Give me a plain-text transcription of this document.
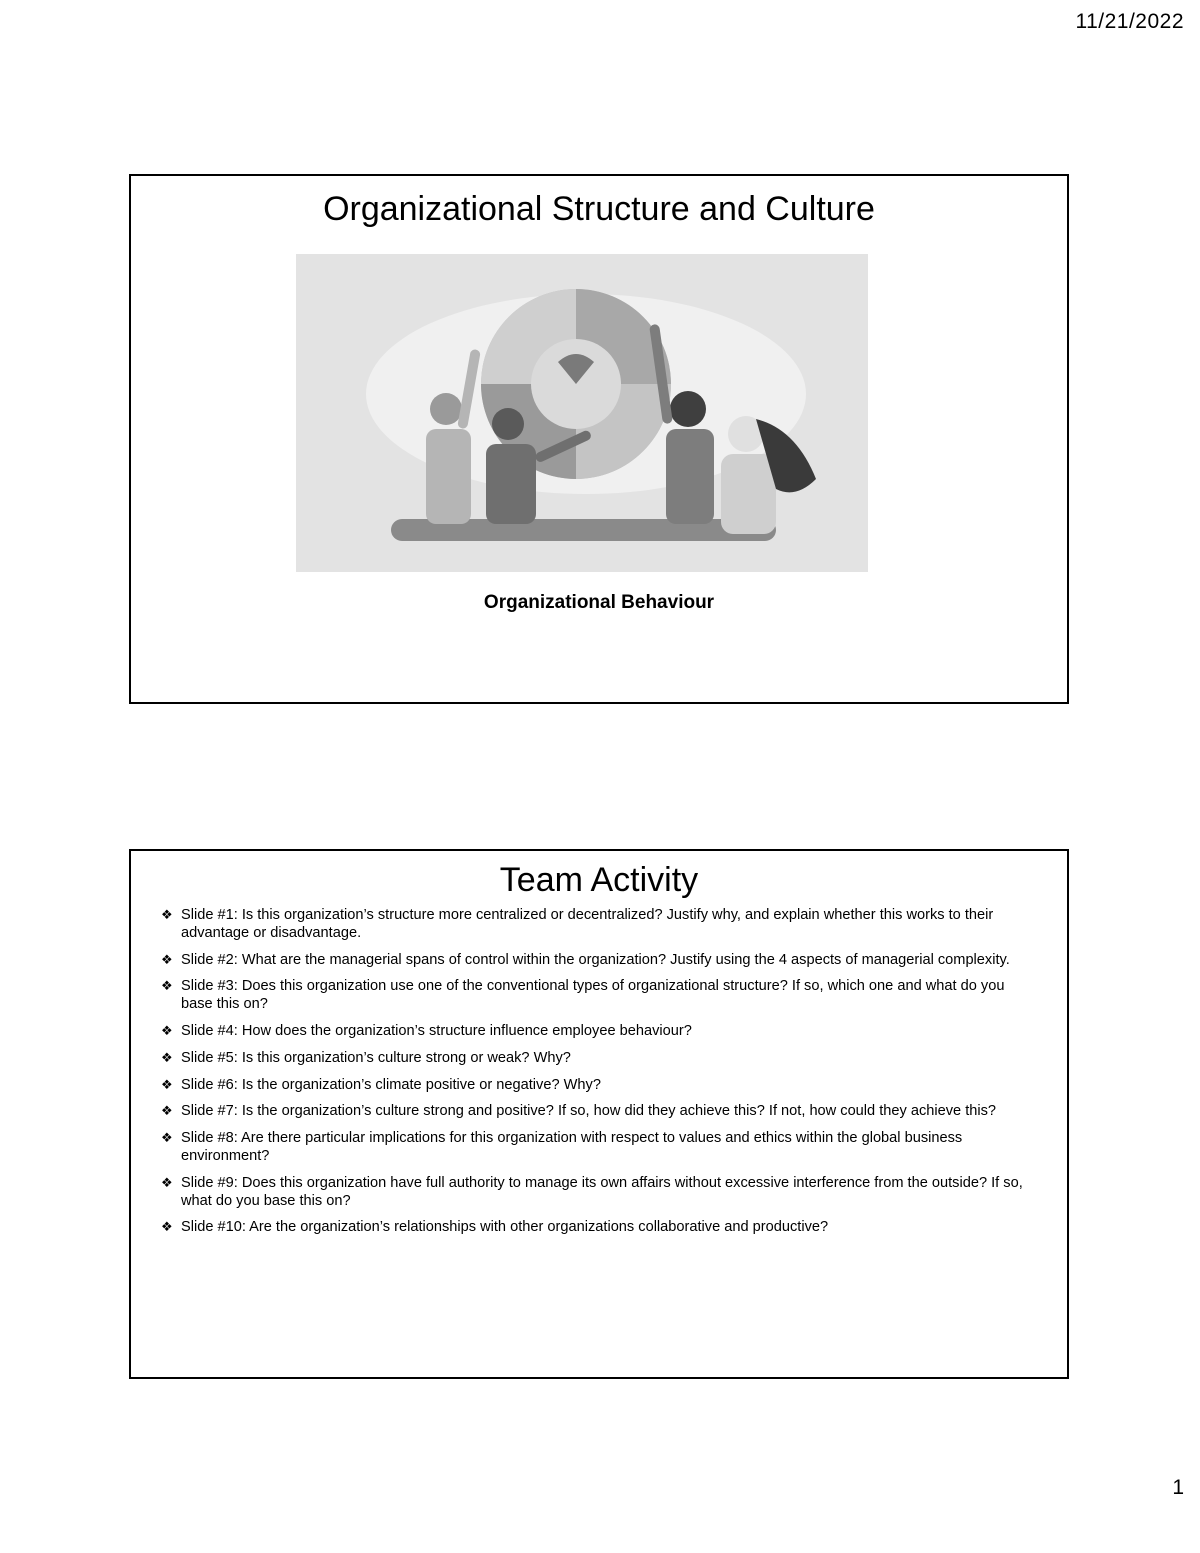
11/21/2022
Organizational Structure and Culture
Organizational Behaviour
Team Activity
❖ Slide #1: Is this organization’s structure more centralized or decentralized? Justify why, and explain whether this works to their advantage or disadvantage.
❖ Slide #2: What are the managerial spans of control within the organization? Justify using the 4 aspects of managerial complexity.
❖ Slide #3: Does this organization use one of the conventional types of organizational structure? If so, which one and what do you base this on?
❖ Slide #4: How does the organization’s structure influence employee behaviour?
❖ Slide #5: Is this organization’s culture strong or weak? Why?
❖ Slide #6: Is the organization’s climate positive or negative? Why?
❖ Slide #7: Is the organization’s culture strong and positive? If so, how did they achieve this? If not, how could they achieve this?
❖ Slide #8: Are there particular implications for this organization with respect to values and ethics within the global business environment?
❖ Slide #9: Does this organization have full authority to manage its own affairs without excessive interference from the outside? If so, what do you base this on?
❖ Slide #10: Are the organization’s relationships with other organizations collaborative and productive?
1
